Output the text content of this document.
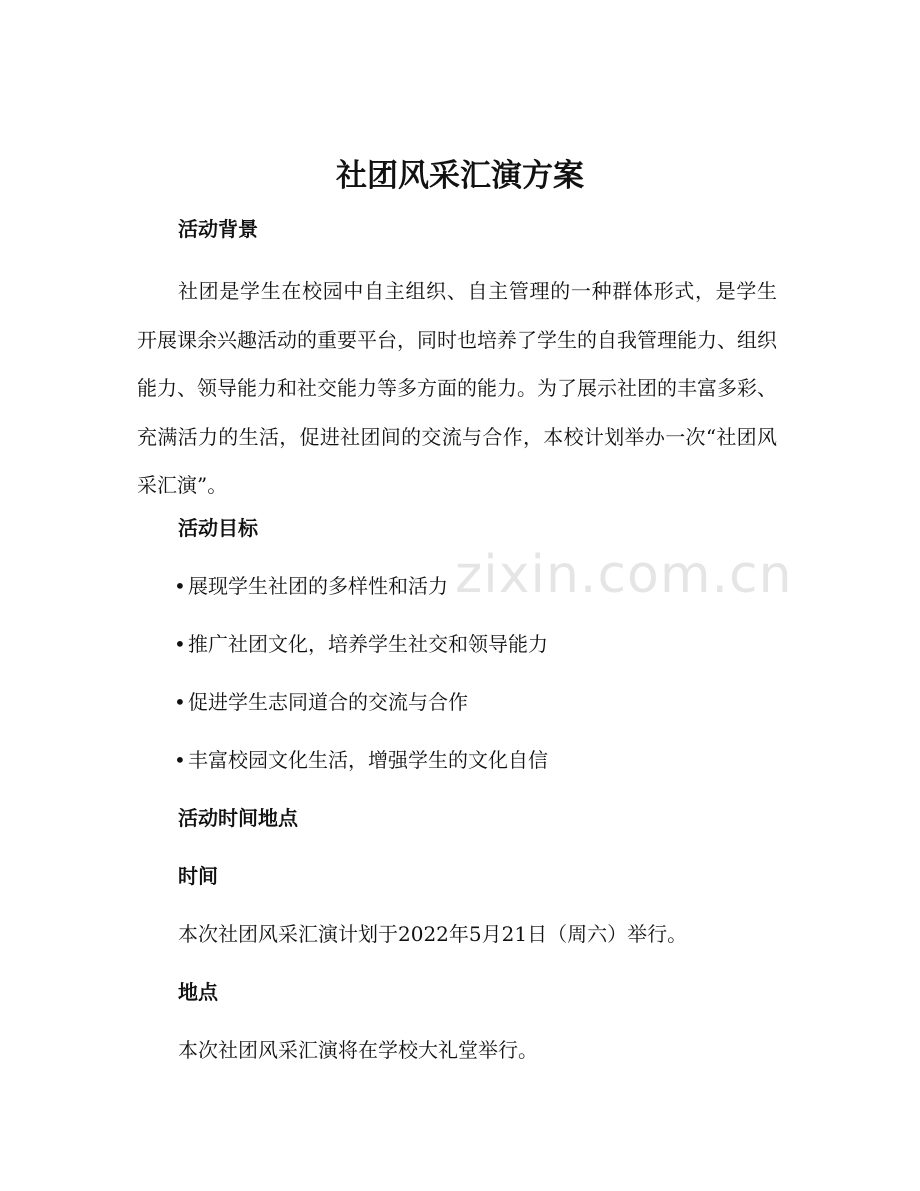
社团风采汇演方案
活动背景

社团是学生在校园中自主组织、自主管理的一种群体形式，是学生开展课余兴趣活动的重要平台，同时也培养了学生的自我管理能力、组织能力、领导能力和社交能力等多方面的能力。为了展示社团的丰富多彩、充满活力的生活，促进社团间的交流与合作，本校计划举办一次“社团风采汇演”。

活动目标

• 展现学生社团的多样性和活力

• 推广社团文化，培养学生社交和领导能力

• 促进学生志同道合的交流与合作

• 丰富校园文化生活，增强学生的文化自信

活动时间地点
时间

本次社团风采汇演计划于2022年5月21日（周六）举行。

地点

本次社团风采汇演将在学校大礼堂举行。

zixin.com.cn
